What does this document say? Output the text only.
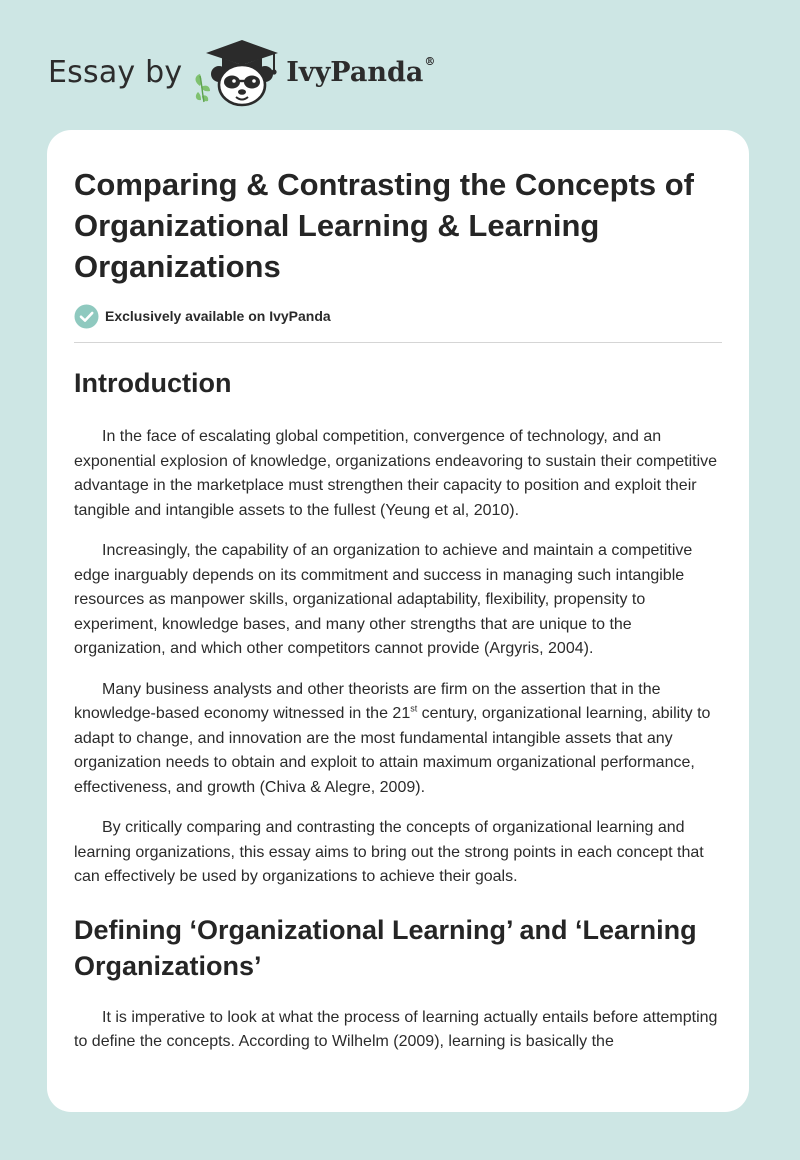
Essay by	IvyPanda®
Comparing & Contrasting the Concepts of Organizational Learning & Learning Organizations
Exclusively available on IvyPanda
Introduction

In the face of escalating global competition, convergence of technology, and an exponential explosion of knowledge, organizations endeavoring to sustain their competitive advantage in the marketplace must strengthen their capacity to position and exploit their tangible and intangible assets to the fullest (Yeung et al, 2010).

Increasingly, the capability of an organization to achieve and maintain a competitive edge inarguably depends on its commitment and success in managing such intangible resources as manpower skills, organizational adaptability, flexibility, propensity to experiment, knowledge bases, and many other strengths that are unique to the organization, and which other competitors cannot provide (Argyris, 2004).

Many business analysts and other theorists are firm on the assertion that in the knowledge-based economy witnessed in the 21st century, organizational learning, ability to adapt to change, and innovation are the most fundamental intangible assets that any organization needs to obtain and exploit to attain maximum organizational performance, effectiveness, and growth (Chiva & Alegre, 2009).

By critically comparing and contrasting the concepts of organizational learning and learning organizations, this essay aims to bring out the strong points in each concept that can effectively be used by organizations to achieve their goals.

Defining ‘Organizational Learning’ and ‘Learning Organizations’

It is imperative to look at what the process of learning actually entails before attempting to define the concepts. According to Wilhelm (2009), learning is basically the
